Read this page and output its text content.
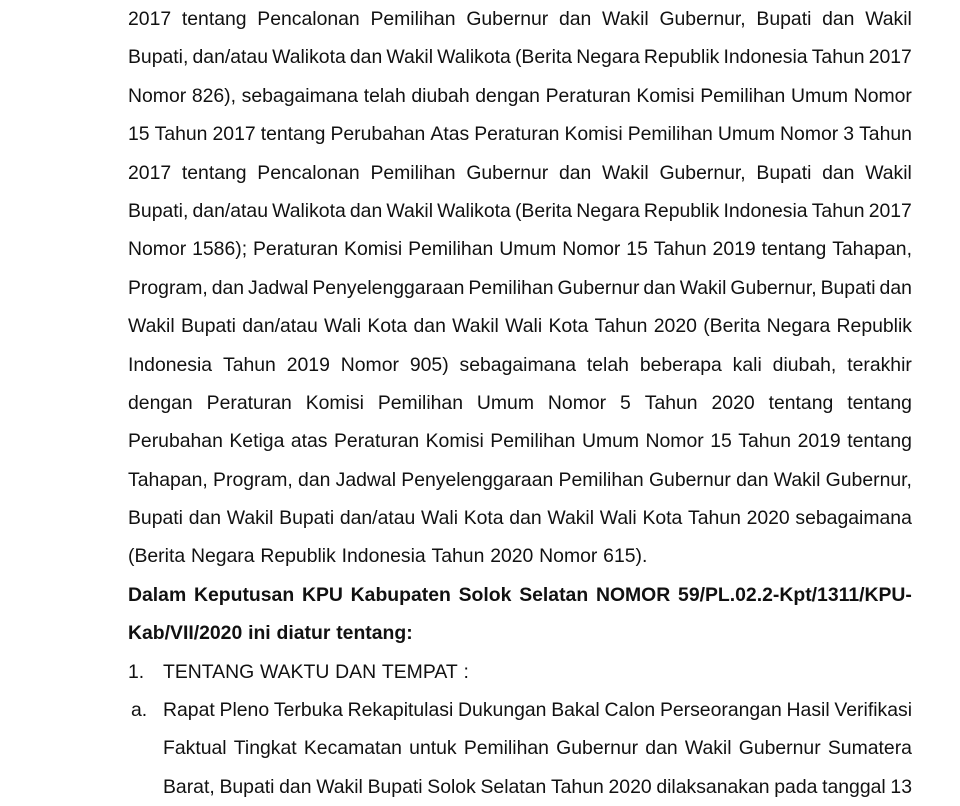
2017 tentang Pencalonan Pemilihan Gubernur dan Wakil Gubernur, Bupati dan Wakil
Bupati, dan/atau Walikota dan Wakil Walikota (Berita Negara Republik Indonesia Tahun 2017
Nomor 826), sebagaimana telah diubah dengan Peraturan Komisi Pemilihan Umum Nomor
15 Tahun 2017 tentang Perubahan Atas Peraturan Komisi Pemilihan Umum Nomor 3 Tahun
2017 tentang Pencalonan Pemilihan Gubernur dan Wakil Gubernur, Bupati dan Wakil
Bupati, dan/atau Walikota dan Wakil Walikota (Berita Negara Republik Indonesia Tahun 2017
Nomor 1586); Peraturan Komisi Pemilihan Umum Nomor 15 Tahun 2019 tentang Tahapan,
Program, dan Jadwal Penyelenggaraan Pemilihan Gubernur dan Wakil Gubernur, Bupati dan
Wakil Bupati dan/atau Wali Kota dan Wakil Wali Kota Tahun 2020 (Berita Negara Republik
Indonesia Tahun 2019 Nomor 905) sebagaimana telah beberapa kali diubah, terakhir
dengan Peraturan Komisi Pemilihan Umum Nomor 5 Tahun 2020 tentang tentang
Perubahan Ketiga atas Peraturan Komisi Pemilihan Umum Nomor 15 Tahun 2019 tentang
Tahapan, Program, dan Jadwal Penyelenggaraan Pemilihan Gubernur dan Wakil Gubernur,
Bupati dan Wakil Bupati dan/atau Wali Kota dan Wakil Wali Kota Tahun 2020 sebagaimana
(Berita Negara Republik Indonesia Tahun 2020 Nomor 615).
Dalam Keputusan KPU Kabupaten Solok Selatan NOMOR 59/PL.02.2-Kpt/1311/KPU-
Kab/VII/2020 ini diatur tentang:
1. TENTANG WAKTU DAN TEMPAT :
a. Rapat Pleno Terbuka Rekapitulasi Dukungan Bakal Calon Perseorangan Hasil Verifikasi
Faktual Tingkat Kecamatan untuk Pemilihan Gubernur dan Wakil Gubernur Sumatera
Barat, Bupati dan Wakil Bupati Solok Selatan Tahun 2020 dilaksanakan pada tanggal 13
